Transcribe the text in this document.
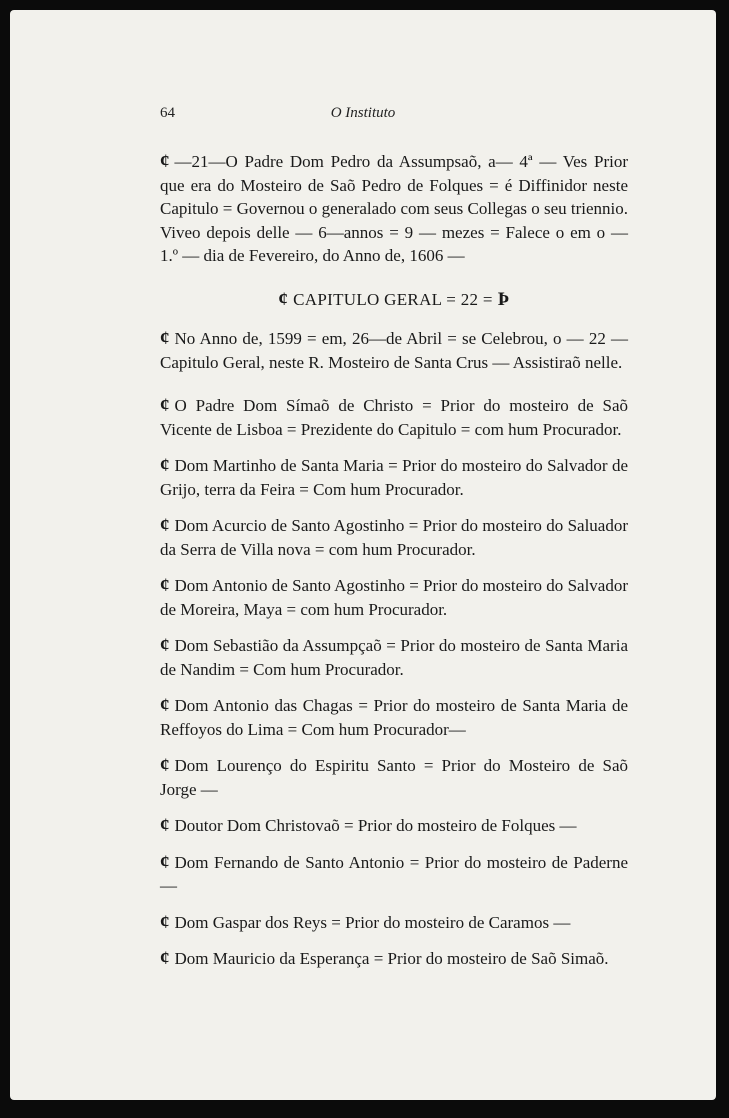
64	O Instituto

¢ —21—O Padre Dom Pedro da Assumpsaõ, a— 4ª — Ves Prior que era do Mosteiro de Saõ Pedro de Folques = é Diffinidor neste Capitulo = Governou o generalado com seus Collegas o seu triennio. Viveo depois delle — 6—annos = 9 — mezes = Falece o em o — 1.º — dia de Fevereiro, do Anno de, 1606 —

¢ CAPITULO GERAL = 22 = Þ

¢ No Anno de, 1599 = em, 26—de Abril = se Celebrou, o — 22 — Capitulo Geral, neste R. Mosteiro de Santa Crus — Assistiraõ nelle.

¢ O Padre Dom Símaõ de Christo = Prior do mosteiro de Saõ Vicente de Lisboa = Prezidente do Capitulo = com hum Procurador.

¢ Dom Martinho de Santa Maria = Prior do mosteiro do Salvador de Grijo, terra da Feira = Com hum Procurador.

¢ Dom Acurcio de Santo Agostinho = Prior do mosteiro do Saluador da Serra de Villa nova = com hum Procurador.

¢ Dom Antonio de Santo Agostinho = Prior do mosteiro do Salvador de Moreira, Maya = com hum Procurador.

¢ Dom Sebastião da Assumpçaõ = Prior do mosteiro de Santa Maria de Nandim = Com hum Procurador.

¢ Dom Antonio das Chagas = Prior do mosteiro de Santa Maria de Reffoyos do Lima = Com hum Procurador—

¢ Dom Lourenço do Espiritu Santo = Prior do Mosteiro de Saõ Jorge —

¢ Doutor Dom Christovaõ = Prior do mosteiro de Folques —

¢ Dom Fernando de Santo Antonio = Prior do mosteiro de Paderne —

¢ Dom Gaspar dos Reys = Prior do mosteiro de Caramos —

¢ Dom Mauricio da Esperança = Prior do mosteiro de Saõ Simaõ.
